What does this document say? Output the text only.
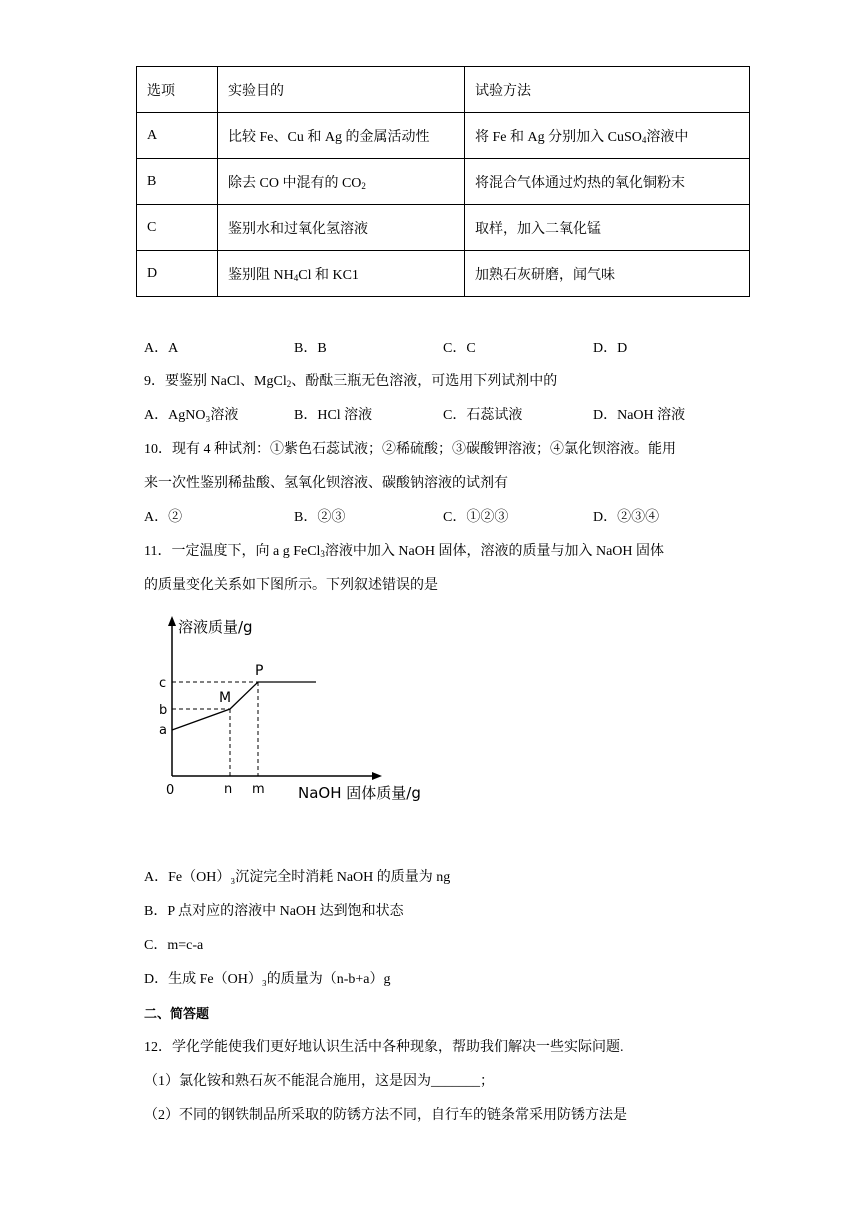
选项	实验目的	试验方法
A	比较 Fe、Cu 和 Ag 的金属活动性	将 Fe 和 Ag 分别加入 CuSO$_4$溶液中
B	除去 CO 中混有的 $CO_2$	将混合气体通过灼热的氧化铜粉末
C	鉴别水和过氧化氢溶液	取样，加入二氧化锰
D	鉴别阻 $NH_4Cl$ 和 KC1	加熟石灰研磨，闻气味
A．A	B．B	C．C	D．D
9．要鉴别 NaCl、MgCl$_2$、酚酞三瓶无色溶液，可选用下列试剂中的
A．AgNO₃溶液	B．HCl 溶液	C．石蕊试液	D．NaOH 溶液
10．现有 4 种试剂：①紫色石蕊试液；②稀硫酸；③碳酸钾溶液；④氯化钡溶液。能用
来一次性鉴别稀盐酸、氢氧化钡溶液、碳酸钠溶液的试剂有
A．②	B．②③	C．①②③	D．②③④
11．一定温度下，向 a g FeCl$_3$溶液中加入 NaOH 固体，溶液的质量与加入 NaOH 固体
的质量变化关系如下图所示。下列叙述错误的是
溶液质量/g
NaOH 固体质量/g
0
c
b
a
n m
M
P
A．Fe（OH）₃沉淀完全时消耗 NaOH 的质量为 ng
B．P 点对应的溶液中 NaOH 达到饱和状态
C．m=c-a
D．生成 Fe（OH）₃的质量为（n-b+a）g
二、简答题
12．学化学能使我们更好地认识生活中各种现象，帮助我们解决一些实际问题.
（1）氯化铵和熟石灰不能混合施用，这是因为_______；
（2）不同的钢铁制品所采取的防锈方法不同，自行车的链条常采用防锈方法是
